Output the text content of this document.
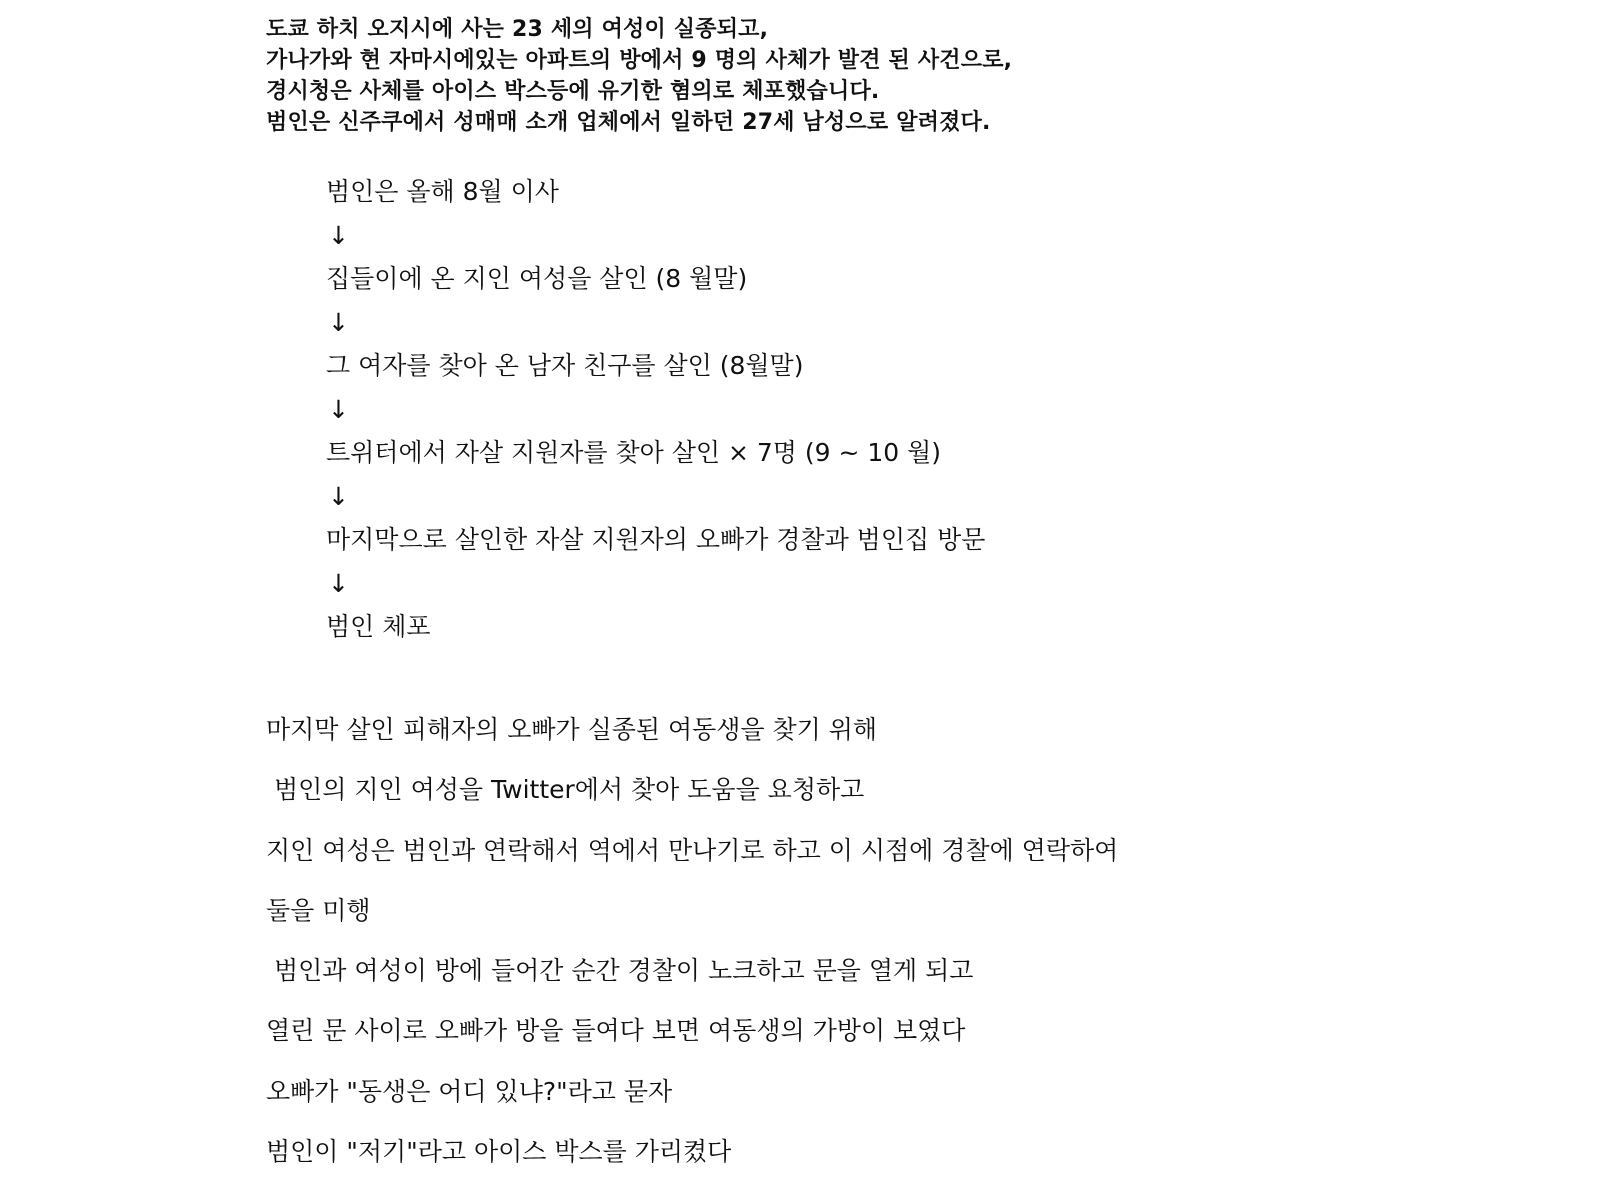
도쿄 하치 오지시에 사는 23 세의 여성이 실종되고,
가나가와 현 자마시에있는 아파트의 방에서 9 명의 사체가 발견 된 사건으로,
경시청은 사체를 아이스 박스등에 유기한 혐의로 체포했습니다.
범인은 신주쿠에서 성매매 소개 업체에서 일하던 27세 남성으로 알려졌다.
범인은 올해 8월 이사
↓
집들이에 온 지인 여성을 살인 (8 월말)
↓
그 여자를 찾아 온 남자 친구를 살인 (8월말)
↓
트위터에서 자살 지원자를 찾아 살인 × 7명 (9 ~ 10 월)
↓
마지막으로 살인한 자살 지원자의 오빠가 경찰과 범인집 방문
↓
범인 체포
마지막 살인 피해자의 오빠가 실종된 여동생을 찾기 위해
범인의 지인 여성을 Twitter에서 찾아 도움을 요청하고
지인 여성은 범인과 연락해서 역에서 만나기로 하고 이 시점에 경찰에 연락하여
둘을 미행
범인과 여성이 방에 들어간 순간 경찰이 노크하고 문을 열게 되고
열린 문 사이로 오빠가 방을 들여다 보면 여동생의 가방이 보였다
오빠가 "동생은 어디 있냐?"라고 묻자
범인이 "저기"라고 아이스 박스를 가리켰다
